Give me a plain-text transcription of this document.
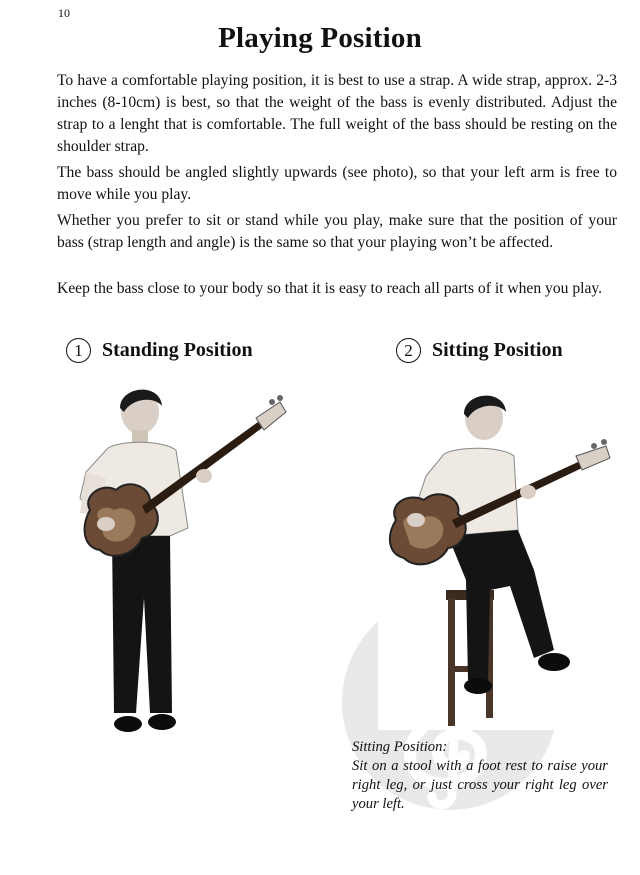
10
Playing Position

To have a comfortable playing position, it is best to use a strap. A wide strap, approx. 2-3 inches (8-10cm) is best, so that the weight of the bass is evenly distributed. Adjust the strap to a lenght that is comfortable. The full weight of the bass should be resting on the shoulder strap.

The bass should be angled slightly upwards (see photo), so that your left arm is free to move while you play.

Whether you prefer to sit or stand while you play, make sure that the position of your bass (strap length and angle) is the same so that your playing won’t be affected.

Keep the bass close to your body so that it is easy to reach all parts of it when you play.

1 Standing Position	2 Sitting Position

Sitting Position:
Sit on a stool with a foot rest to raise your right leg, or just cross your right leg over your left.
